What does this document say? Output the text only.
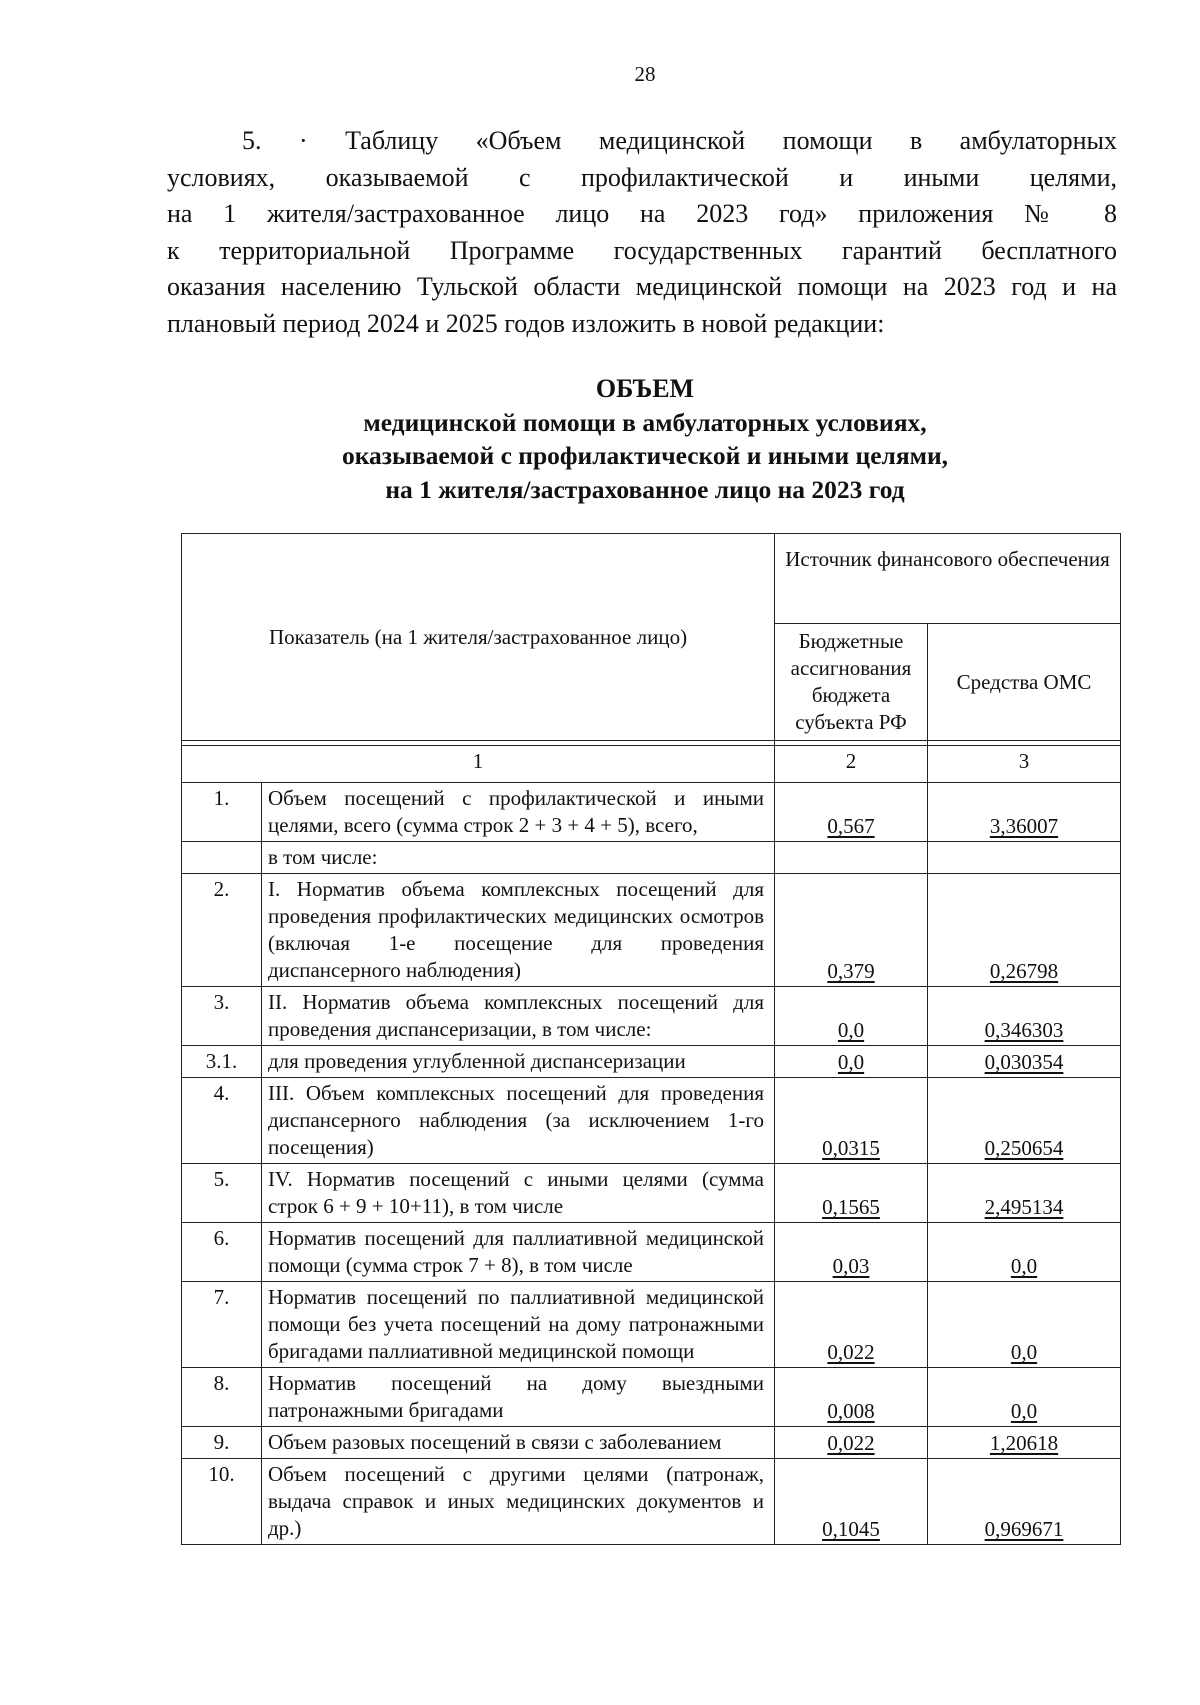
28
5. · Таблицу «Объем медицинской помощи в амбулаторных
условиях, оказываемой с профилактической и иными целями,
на 1 жителя/застрахованное лицо на 2023 год» приложения № 8
к территориальной Программе государственных гарантий бесплатного
оказания населению Тульской области медицинской помощи на 2023 год и на
плановый период 2024 и 2025 годов изложить в новой редакции:
ОБЪЕМ
медицинской помощи в амбулаторных условиях,
оказываемой с профилактической и иными целями,
на 1 жителя/застрахованное лицо на 2023 год
Показатель (на 1 жителя/застрахованное лицо)		Источник финансового обеспечения	
		Бюджетные ассигнования бюджета субъекта РФ	Средства ОМС

1		2	3
1.	Объем посещений с профилактической и иными целями, всего (сумма строк 2 + 3 + 4 + 5), всего,	0,567	3,36007
	в том числе:		
2.	I. Норматив объема комплексных посещений для проведения профилактических медицинских осмотров (включая 1-е посещение для проведения диспансерного наблюдения)	0,379	0,26798
3.	II. Норматив объема комплексных посещений для проведения диспансеризации, в том числе:	0,0	0,346303
3.1.	для проведения углубленной диспансеризации	0,0	0,030354
4.	III. Объем комплексных посещений для проведения диспансерного наблюдения (за исключением 1-го посещения)	0,0315	0,250654
5.	IV. Норматив посещений с иными целями (сумма строк 6 + 9 + 10+11), в том числе	0,1565	2,495134
6.	Норматив посещений для паллиативной медицинской помощи (сумма строк 7 + 8), в том числе	0,03	0,0
7.	Норматив посещений по паллиативной медицинской помощи без учета посещений на дому патронажными бригадами паллиативной медицинской помощи	0,022	0,0
8.	Норматив посещений на дому выездными патронажными бригадами	0,008	0,0
9.	Объем разовых посещений в связи с заболеванием	0,022	1,20618
10.	Объем посещений с другими целями (патронаж, выдача справок и иных медицинских документов и др.)	0,1045	0,969671
